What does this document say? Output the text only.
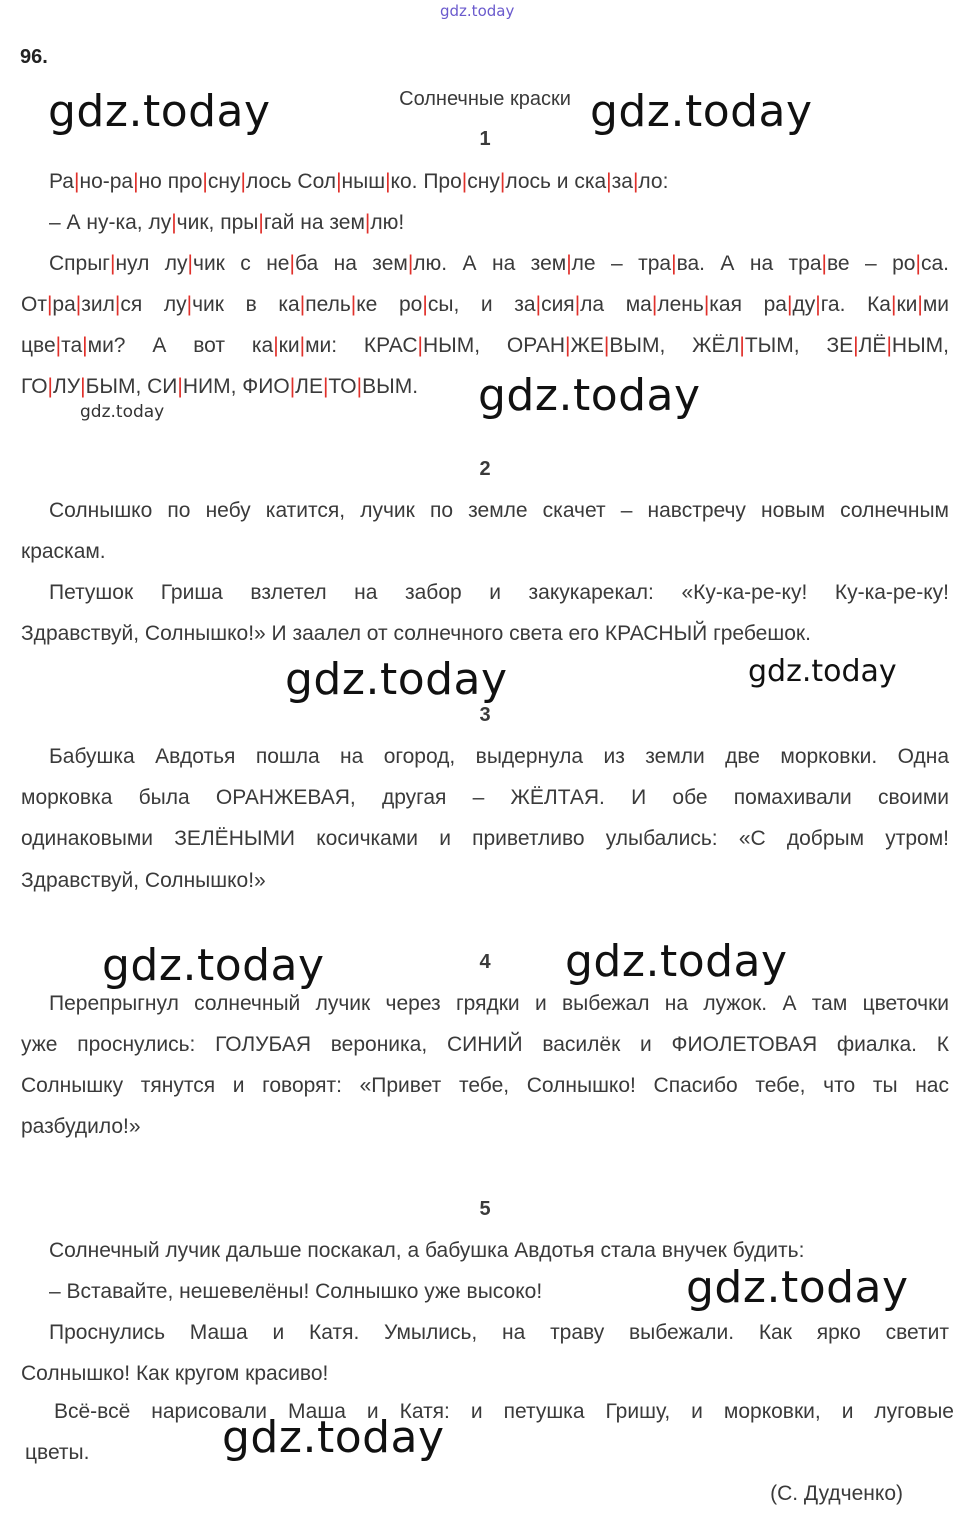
gdz.today
gdz.today	gdz.today
gdz.today
gdz.today
gdz.today	gdz.today
gdz.today	gdz.today
gdz.today
gdz.today
96.
Солнечные краски
1
Ра|но-ра|но про|сну|лось Сол|ныш|ко. Про|сну|лось и ска|за|ло:
– А ну-ка, лу|чик, пры|гай на зем|лю!
Спрыг|нул лу|чик с не|ба на зем|лю. А на зем|ле – тра|ва. А на тра|ве – ро|са.
От|ра|зил|ся лу|чик в ка|пель|ке ро|сы, и за|сия|ла ма|лень|кая ра|ду|га. Ка|ки|ми
цве|та|ми? А вот ка|ки|ми: КРАС|НЫМ, ОРАН|ЖЕ|ВЫМ, ЖЁЛ|ТЫМ, ЗЕ|ЛЁ|НЫМ,
ГО|ЛУ|БЫМ, СИ|НИМ, ФИО|ЛЕ|ТО|ВЫМ.
2
Солнышко по небу катится, лучик по земле скачет – навстречу новым солнечным
краскам.
Петушок Гриша взлетел на забор и закукарекал: «Ку-ка-ре-ку! Ку-ка-ре-ку!
Здравствуй, Солнышко!» И заалел от солнечного света его КРАСНЫЙ гребешок.
3
Бабушка Авдотья пошла на огород, выдернула из земли две морковки. Одна
морковка была ОРАНЖЕВАЯ, другая – ЖЁЛТАЯ. И обе помахивали своими
одинаковыми ЗЕЛЁНЫМИ косичками и приветливо улыбались: «С добрым утром!
Здравствуй, Солнышко!»
4
Перепрыгнул солнечный лучик через грядки и выбежал на лужок. А там цветочки
уже проснулись: ГОЛУБАЯ вероника, СИНИЙ василёк и ФИОЛЕТОВАЯ фиалка. К
Солнышку тянутся и говорят: «Привет тебе, Солнышко! Спасибо тебе, что ты нас
разбудило!»
5
Солнечный лучик дальше поскакал, а бабушка Авдотья стала внучек будить:
– Вставайте, нешевелёны! Солнышко уже высоко!
Проснулись Маша и Катя. Умылись, на траву выбежали. Как ярко светит
Солнышко! Как кругом красиво!
Всё-всё нарисовали Маша и Катя: и петушка Гришу, и морковки, и луговые
цветы.
(С. Дудченко)
